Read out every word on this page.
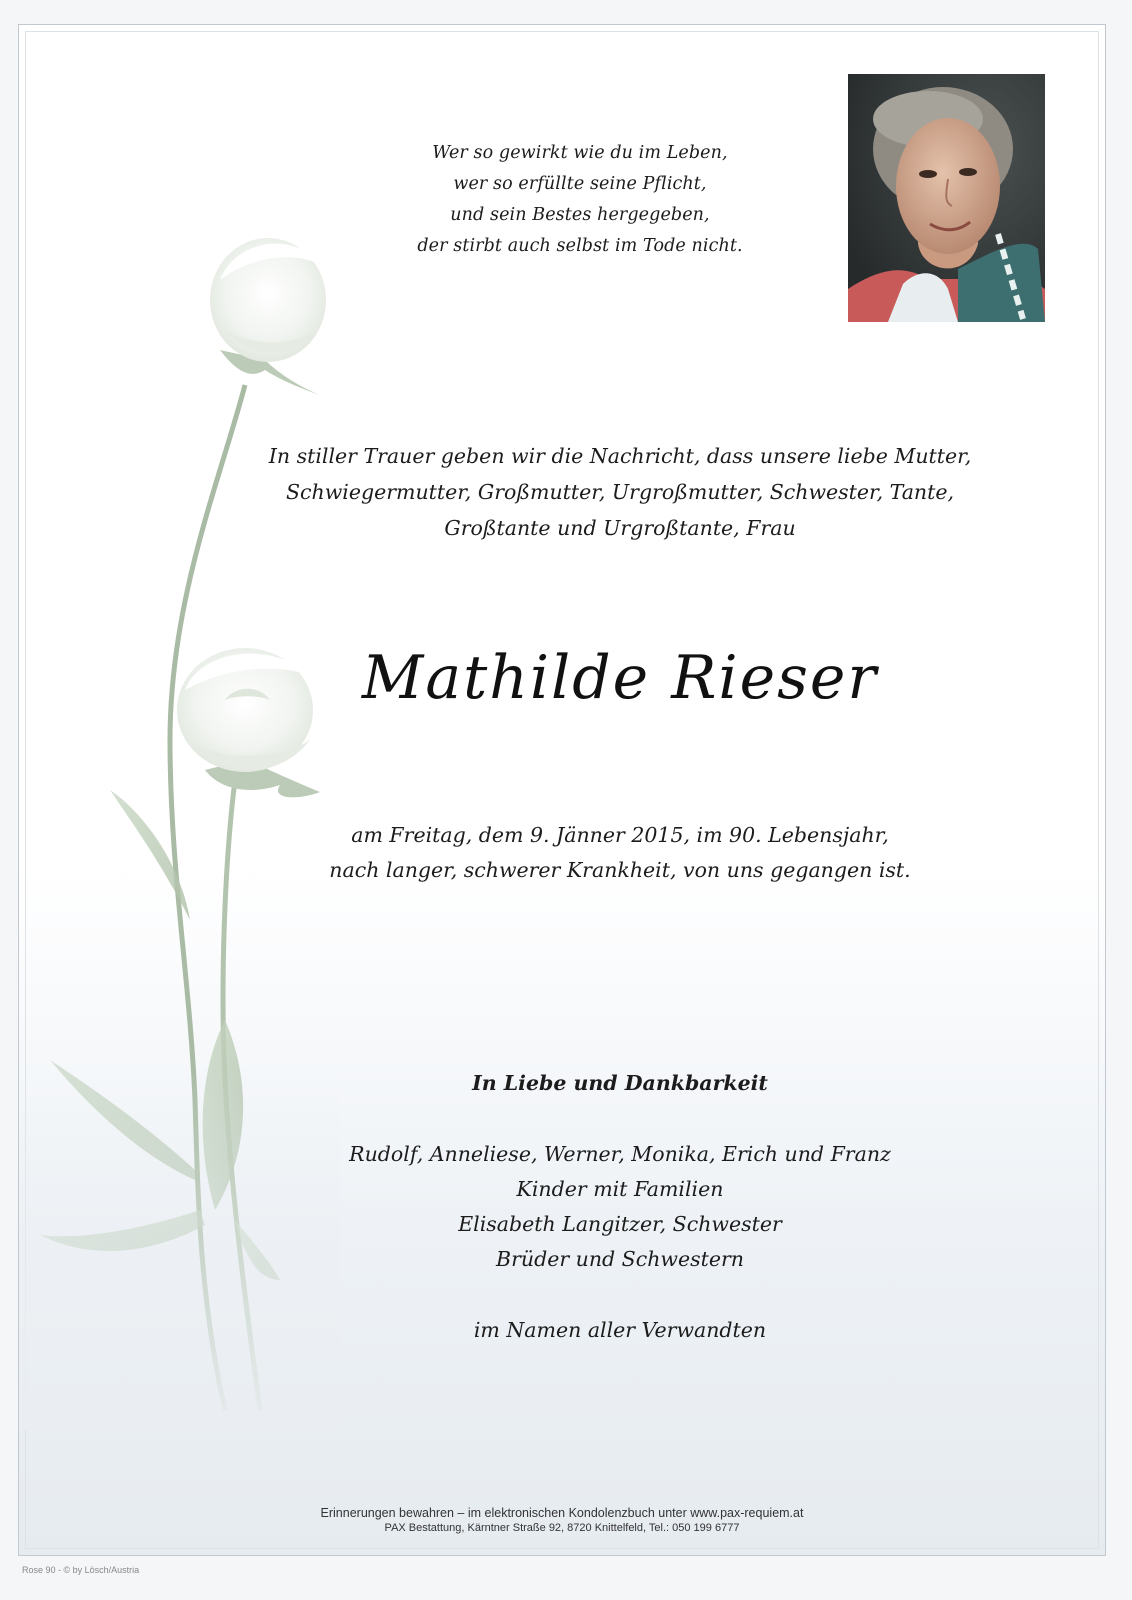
Wer so gewirkt wie du im Leben,
wer so erfüllte seine Pflicht,
und sein Bestes hergegeben,
der stirbt auch selbst im Tode nicht.
In stiller Trauer geben wir die Nachricht, dass unsere liebe Mutter,
Schwiegermutter, Großmutter, Urgroßmutter, Schwester, Tante,
Großtante und Urgroßtante, Frau
Mathilde Rieser
am Freitag, dem 9. Jänner 2015, im 90. Lebensjahr,
nach langer, schwerer Krankheit, von uns gegangen ist.
In Liebe und Dankbarkeit
Rudolf, Anneliese, Werner, Monika, Erich und Franz
Kinder mit Familien
Elisabeth Langitzer, Schwester
Brüder und Schwestern
im Namen aller Verwandten
Erinnerungen bewahren – im elektronischen Kondolenzbuch unter www.pax-requiem.at
PAX Bestattung, Kärntner Straße 92, 8720 Knittelfeld, Tel.: 050 199 6777
Rose 90 - © by Lösch/Austria
